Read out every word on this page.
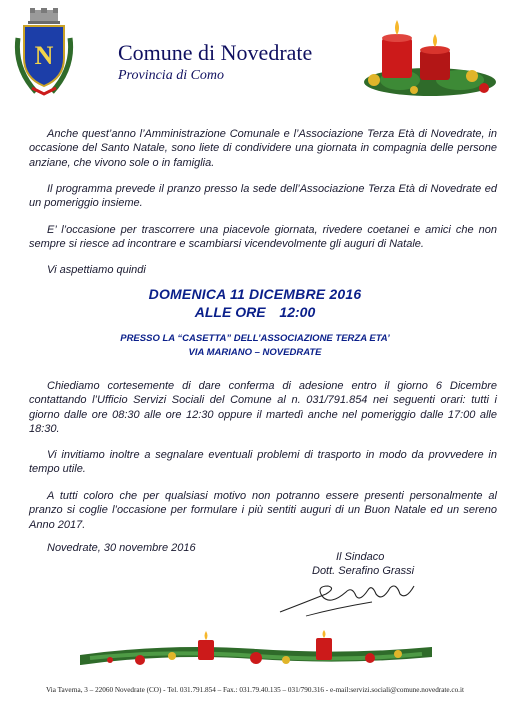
N	Comune di Novedrate
Provincia di Como

Anche quest’anno l’Amministrazione Comunale e l’Associazione Terza Età di Novedrate, in occasione del Santo Natale, sono liete di condividere una giornata in compagnia delle persone anziane, che vivono sole o in famiglia.

Il programma prevede il pranzo presso la sede dell’Associazione Terza Età di Novedrate ed un pomeriggio insieme.

E’ l’occasione per trascorrere una piacevole giornata, rivedere coetanei e amici che non sempre si riesce ad incontrare e scambiarsi vicendevolmente gli auguri di Natale.

Vi aspettiamo quindi

DOMENICA 11 DICEMBRE 2016
ALLE ORE 12:00
PRESSO LA “CASETTA” DELL’ASSOCIAZIONE TERZA ETA’
VIA MARIANO – NOVEDRATE

Chiediamo cortesemente di dare conferma di adesione entro il giorno 6 Dicembre contattando l’Ufficio Servizi Sociali del Comune al n. 031/791.854 nei seguenti orari: tutti i giorno dalle ore 08:30 alle ore 12:30 oppure il martedì anche nel pomeriggio dalle 17:00 alle 18:30.

Vi invitiamo inoltre a segnalare eventuali problemi di trasporto in modo da provvedere in tempo utile.

A tutti coloro che per qualsiasi motivo non potranno essere presenti personalmente al pranzo si coglie l’occasione per formulare i più sentiti auguri di un Buon Natale ed un sereno Anno 2017.

Novedrate, 30 novembre 2016

Il Sindaco
Dott. Serafino Grassi
Via Taverna, 3 – 22060 Novedrate (CO) - Tel. 031.791.854 – Fax.: 031.79.40.135 – 031/790.316 - e-mail:servizi.sociali@comune.novedrate.co.it
